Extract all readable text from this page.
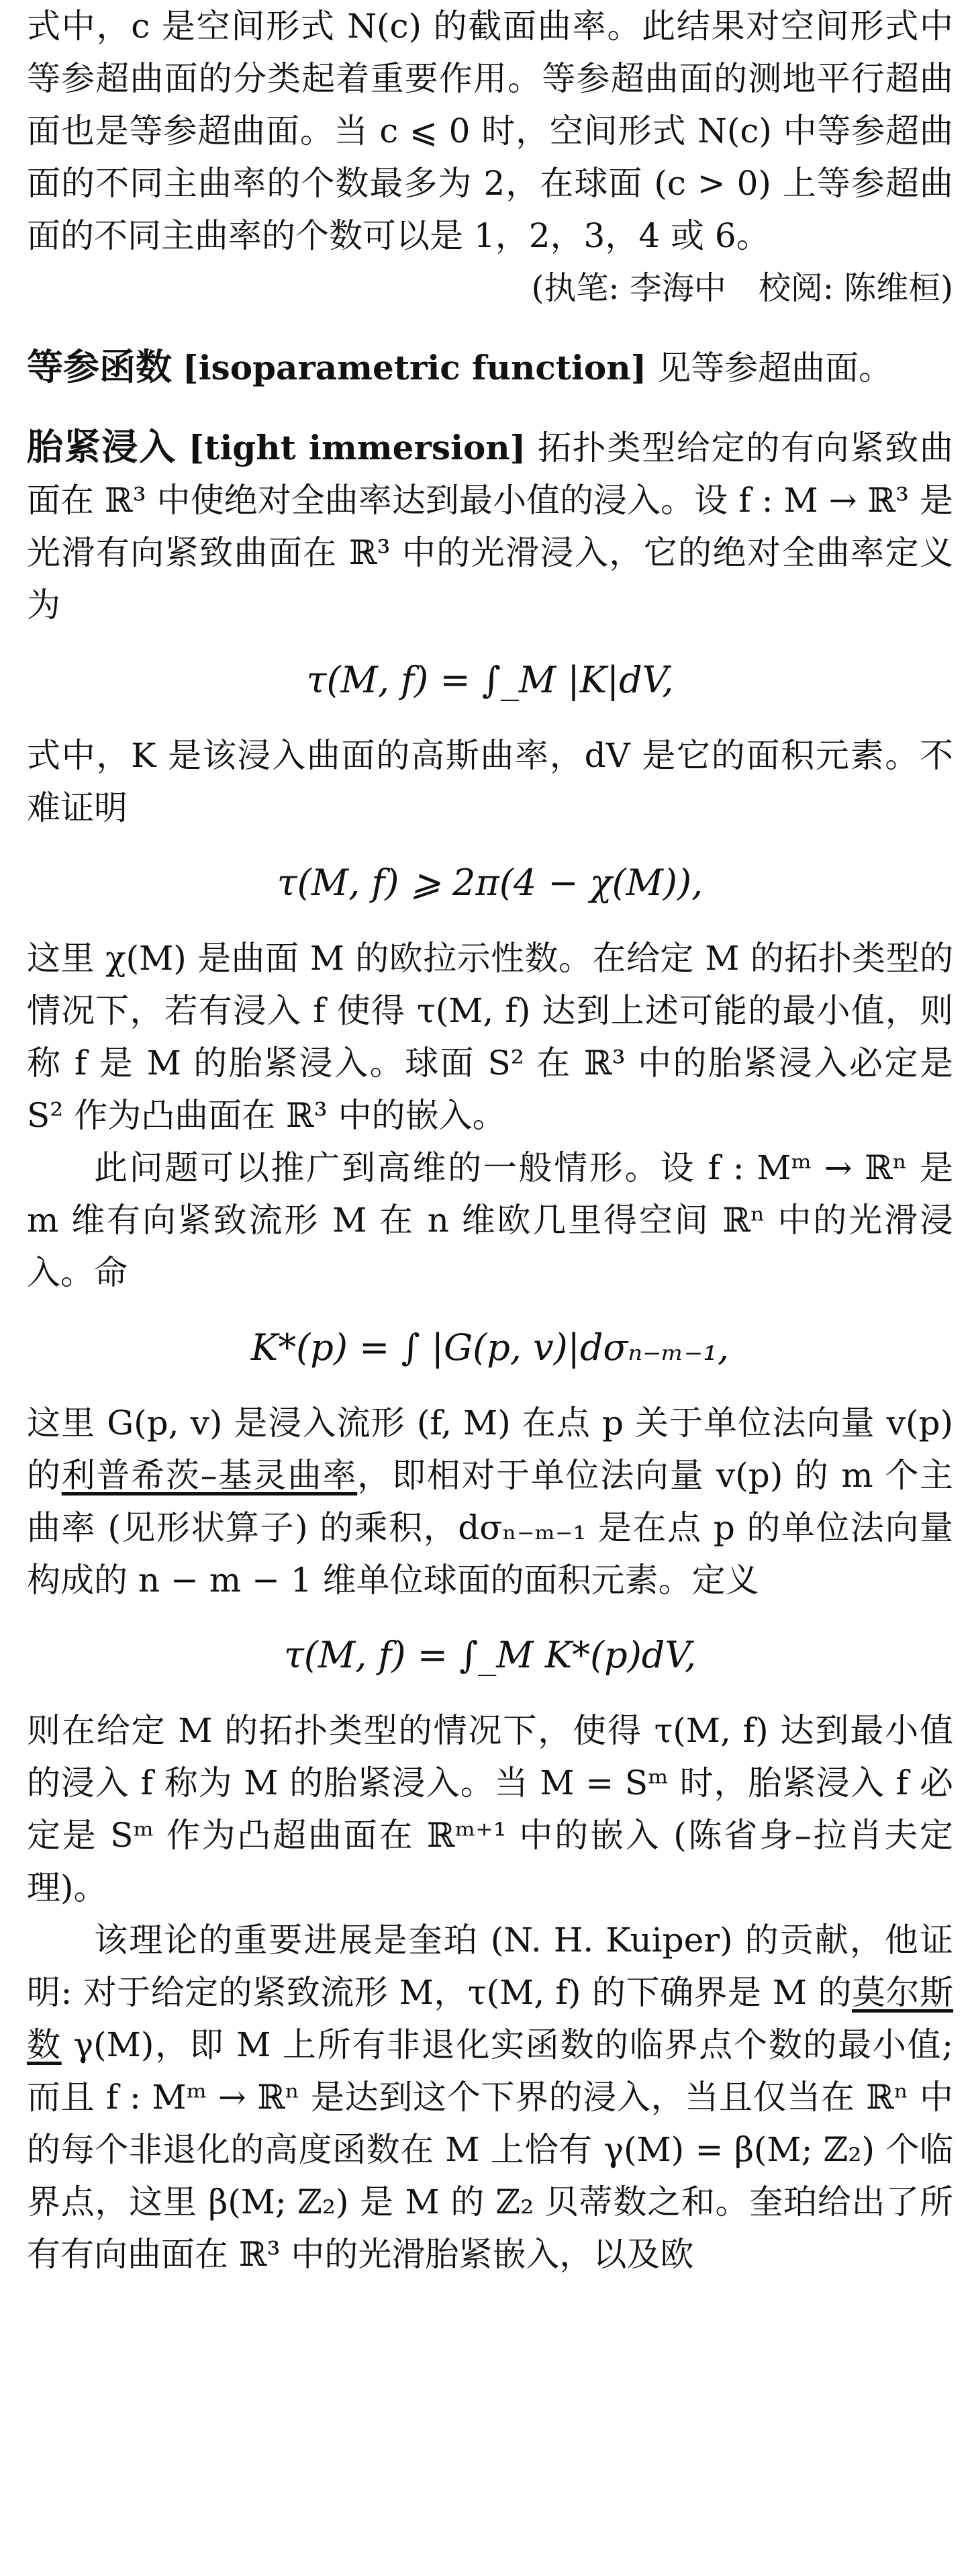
式中，c 是空间形式 N(c) 的截面曲率。此结果对空间形式中等参超曲面的分类起着重要作用。等参超曲面的测地平行超曲面也是等参超曲面。当 c ⩽ 0 时，空间形式 N(c) 中等参超曲面的不同主曲率的个数最多为 2，在球面 (c > 0) 上等参超曲面的不同主曲率的个数可以是 1，2，3，4 或 6。

(执笔: 李海中　校阅: 陈维桓)

等参函数 [isoparametric function] 见等参超曲面。

胎紧浸入 [tight immersion] 拓扑类型给定的有向紧致曲面在 ℝ³ 中使绝对全曲率达到最小值的浸入。设 f : M → ℝ³ 是光滑有向紧致曲面在 ℝ³ 中的光滑浸入，它的绝对全曲率定义为

τ(M, f) = ∫_M |K|dV,

式中，K 是该浸入曲面的高斯曲率，dV 是它的面积元素。不难证明

τ(M, f) ⩾ 2π(4 − χ(M)),

这里 χ(M) 是曲面 M 的欧拉示性数。在给定 M 的拓扑类型的情况下，若有浸入 f 使得 τ(M, f) 达到上述可能的最小值，则称 f 是 M 的胎紧浸入。球面 S² 在 ℝ³ 中的胎紧浸入必定是 S² 作为凸曲面在 ℝ³ 中的嵌入。

此问题可以推广到高维的一般情形。设 f : Mᵐ → ℝⁿ 是 m 维有向紧致流形 M 在 n 维欧几里得空间 ℝⁿ 中的光滑浸入。命

K*(p) = ∫ |G(p, v)|dσₙ₋ₘ₋₁,

这里 G(p, v) 是浸入流形 (f, M) 在点 p 关于单位法向量 v(p) 的利普希茨–基灵曲率，即相对于单位法向量 v(p) 的 m 个主曲率 (见形状算子) 的乘积，dσₙ₋ₘ₋₁ 是在点 p 的单位法向量构成的 n − m − 1 维单位球面的面积元素。定义

τ(M, f) = ∫_M K*(p)dV,

则在给定 M 的拓扑类型的情况下，使得 τ(M, f) 达到最小值的浸入 f 称为 M 的胎紧浸入。当 M = Sᵐ 时，胎紧浸入 f 必定是 Sᵐ 作为凸超曲面在 ℝᵐ⁺¹ 中的嵌入 (陈省身–拉肖夫定理)。

该理论的重要进展是奎珀 (N. H. Kuiper) 的贡献，他证明: 对于给定的紧致流形 M，τ(M, f) 的下确界是 M 的莫尔斯数 γ(M)，即 M 上所有非退化实函数的临界点个数的最小值; 而且 f : Mᵐ → ℝⁿ 是达到这个下界的浸入，当且仅当在 ℝⁿ 中的每个非退化的高度函数在 M 上恰有 γ(M) = β(M; ℤ₂) 个临界点，这里 β(M; ℤ₂) 是 M 的 ℤ₂ 贝蒂数之和。奎珀给出了所有有向曲面在 ℝ³ 中的光滑胎紧嵌入，以及欧
